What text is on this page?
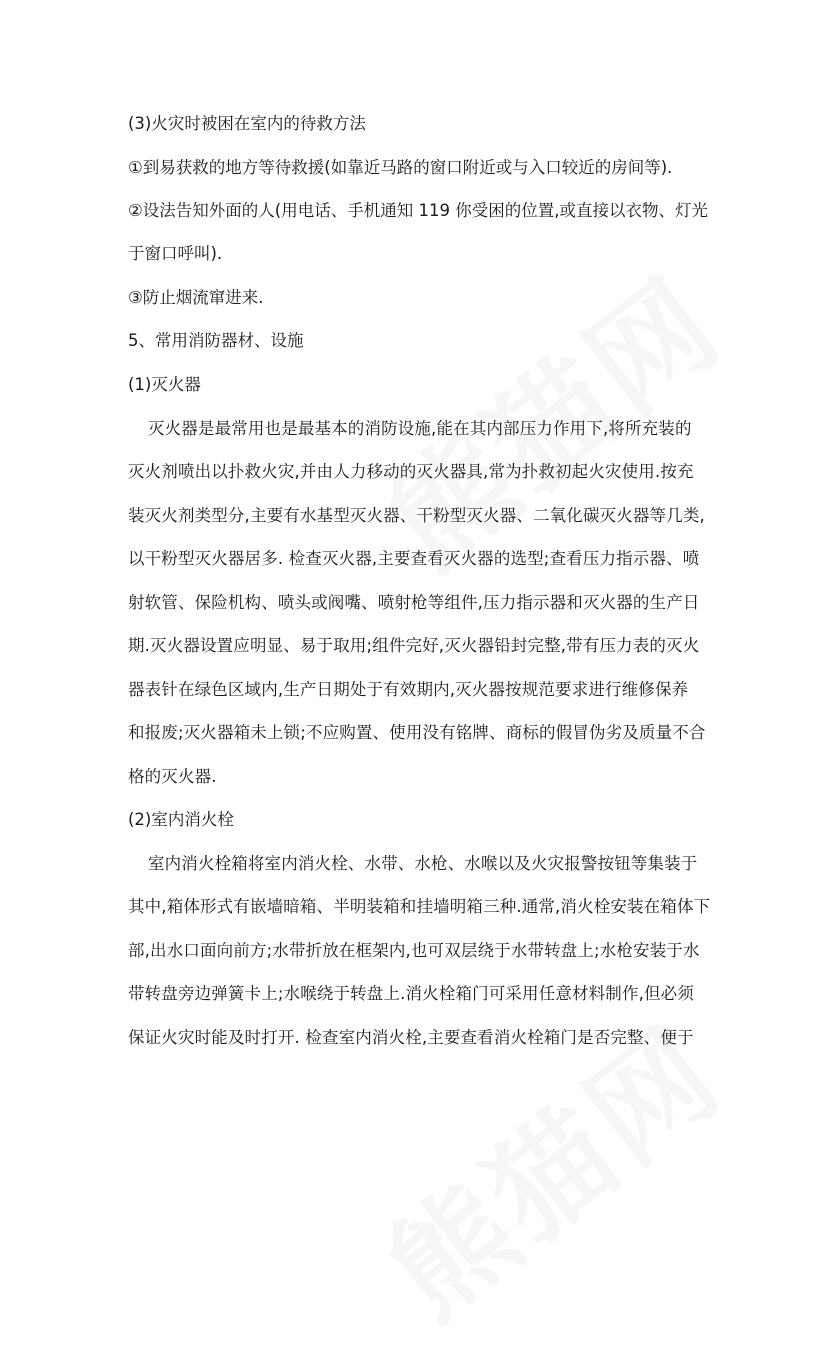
(3)火灾时被困在室内的待救方法
①到易获救的地方等待救援(如靠近马路的窗口附近或与入口较近的房间等).
②设法告知外面的人(用电话、手机通知 119 你受困的位置,或直接以衣物、灯光
于窗口呼叫).
③防止烟流窜进来.
5、常用消防器材、设施
(1)灭火器
灭火器是最常用也是最基本的消防设施,能在其内部压力作用下,将所充装的
灭火剂喷出以扑救火灾,并由人力移动的灭火器具,常为扑救初起火灾使用.按充
装灭火剂类型分,主要有水基型灭火器、干粉型灭火器、二氧化碳灭火器等几类,
以干粉型灭火器居多. 检查灭火器,主要查看灭火器的选型;查看压力指示器、喷
射软管、保险机构、喷头或阀嘴、喷射枪等组件,压力指示器和灭火器的生产日
期.灭火器设置应明显、易于取用;组件完好,灭火器铅封完整,带有压力表的灭火
器表针在绿色区域内,生产日期处于有效期内,灭火器按规范要求进行维修保养
和报废;灭火器箱未上锁;不应购置、使用没有铭牌、商标的假冒伪劣及质量不合
格的灭火器.
(2)室内消火栓
室内消火栓箱将室内消火栓、水带、水枪、水喉以及火灾报警按钮等集装于
其中,箱体形式有嵌墙暗箱、半明装箱和挂墙明箱三种.通常,消火栓安装在箱体下
部,出水口面向前方;水带折放在框架内,也可双层绕于水带转盘上;水枪安装于水
带转盘旁边弹簧卡上;水喉绕于转盘上.消火栓箱门可采用任意材料制作,但必须
保证火灾时能及时打开. 检查室内消火栓,主要查看消火栓箱门是否完整、便于
